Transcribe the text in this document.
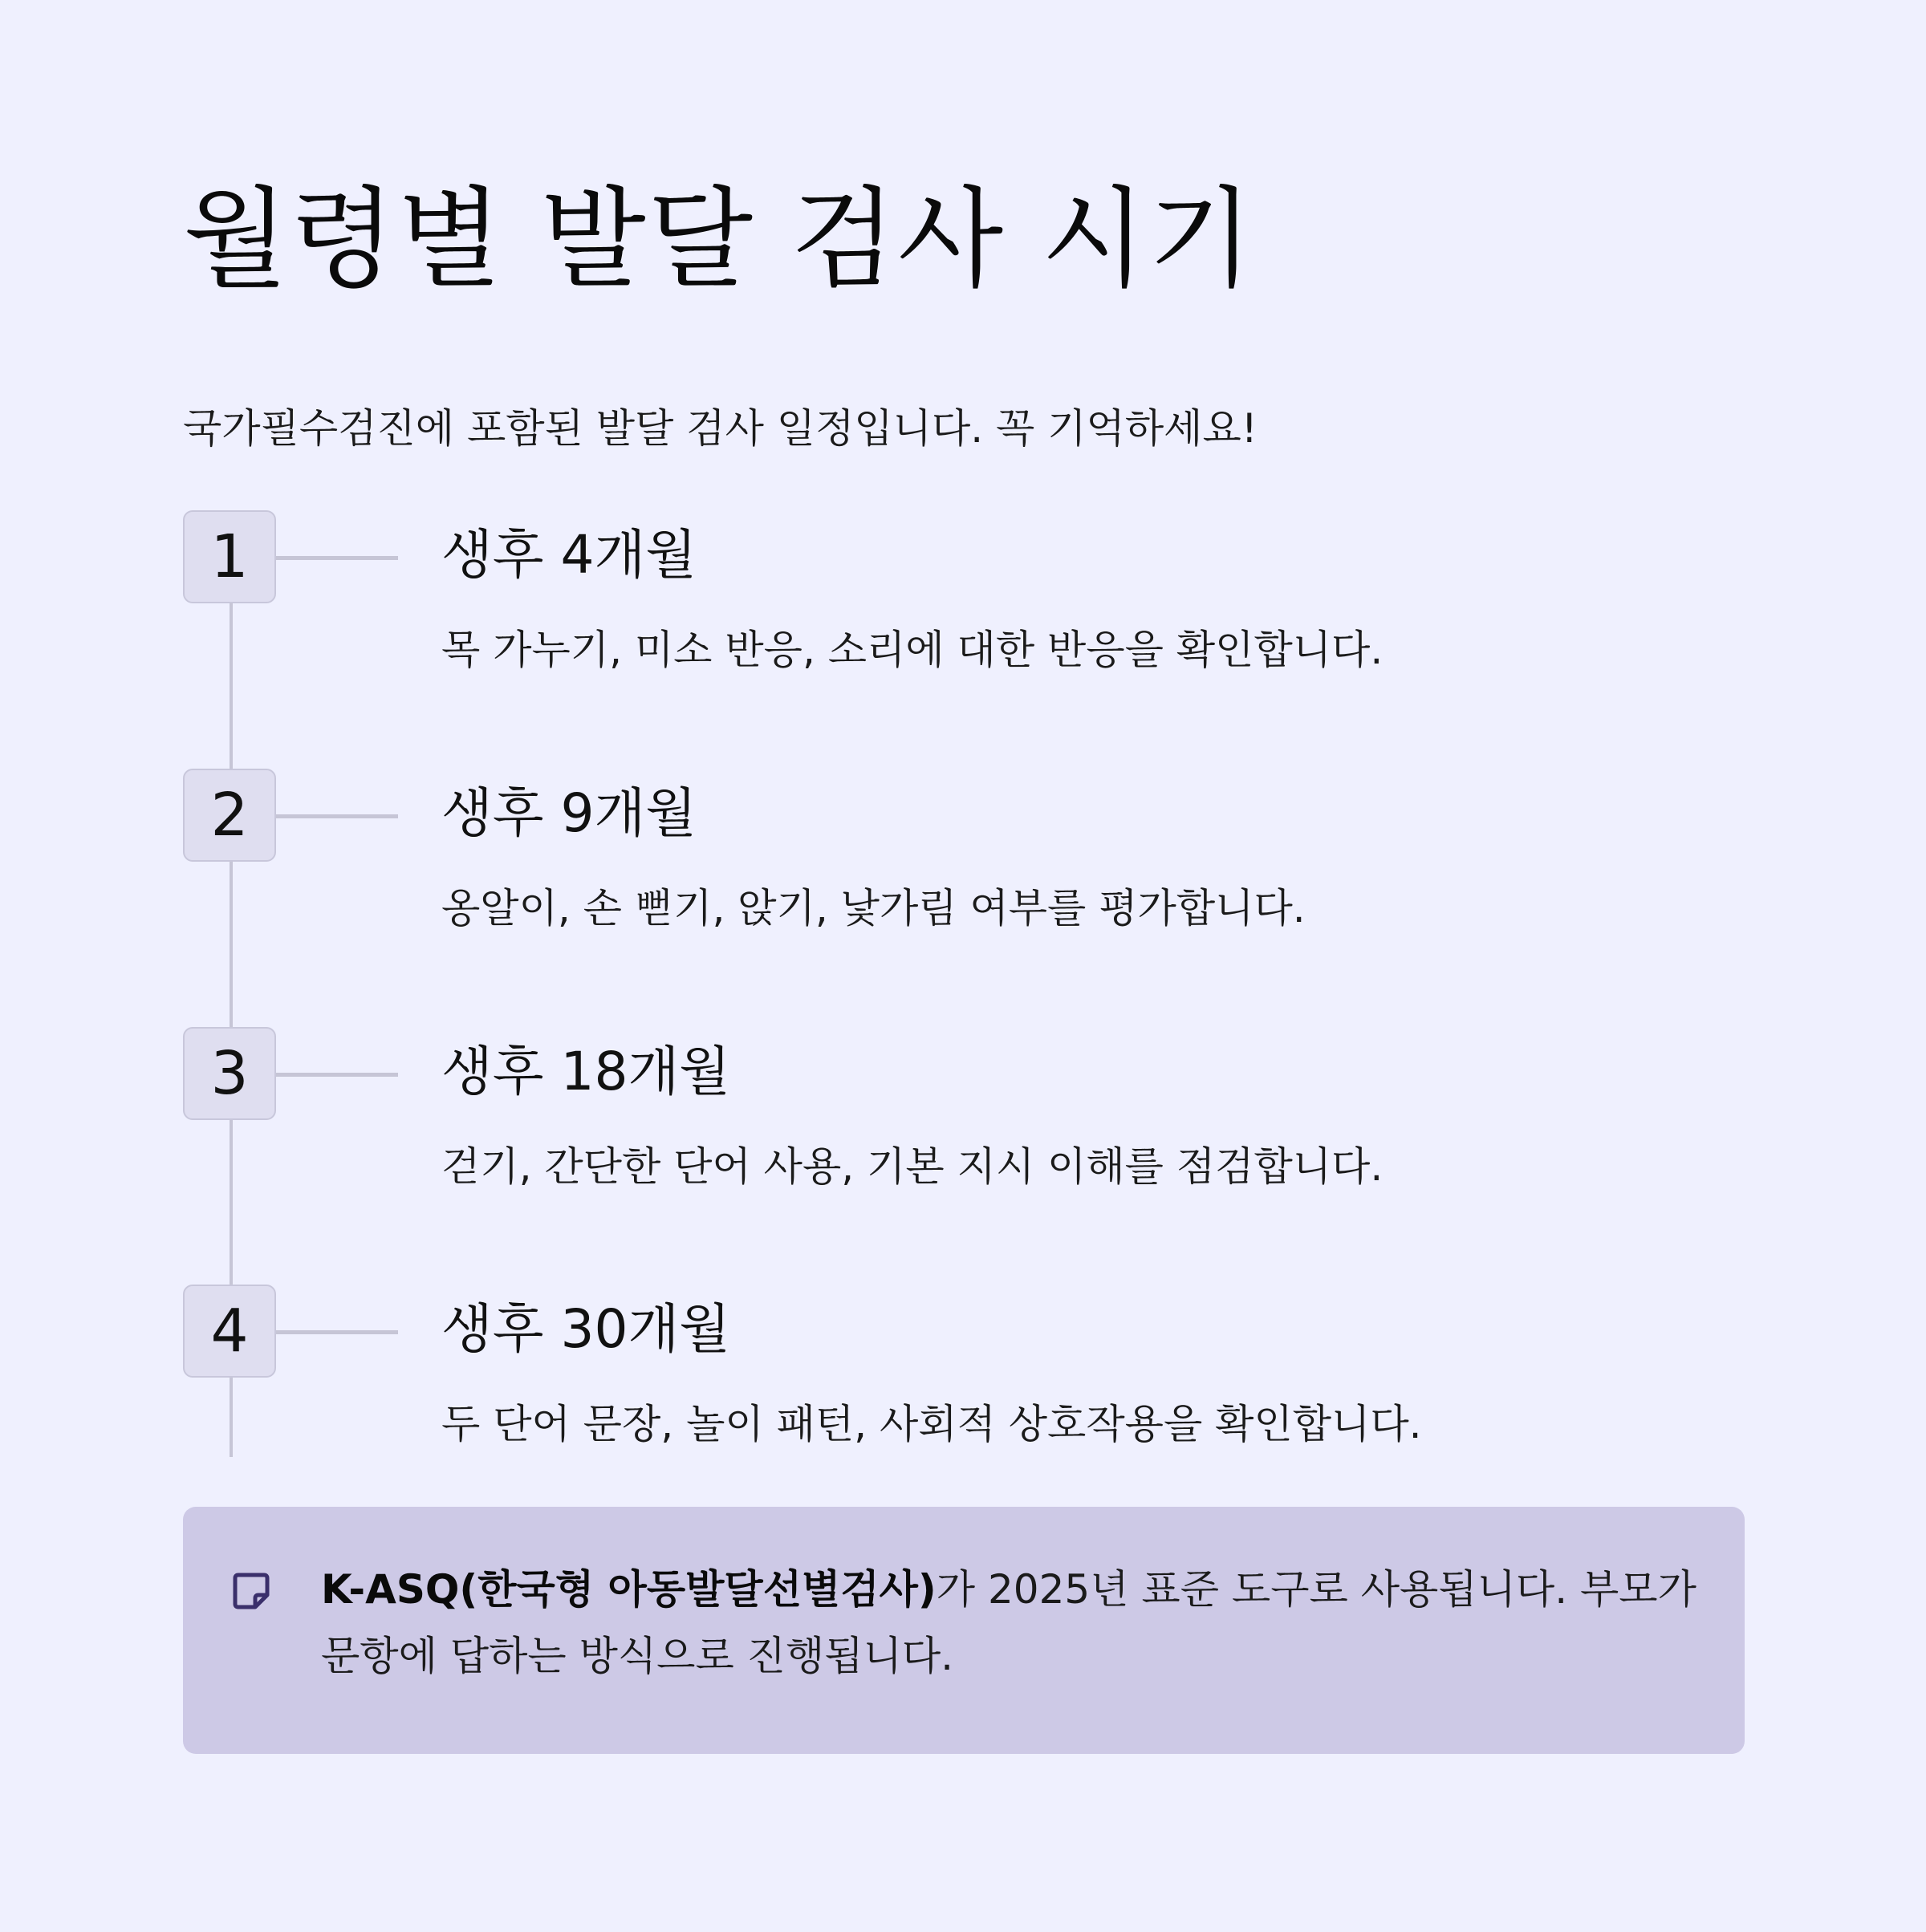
월령별 발달 검사 시기

국가필수검진에 포함된 발달 검사 일정입니다. 꼭 기억하세요!

1	생후 4개월
목 가누기, 미소 반응, 소리에 대한 반응을 확인합니다.
2	생후 9개월
옹알이, 손 뻗기, 앉기, 낯가림 여부를 평가합니다.
3	생후 18개월
걷기, 간단한 단어 사용, 기본 지시 이해를 점검합니다.
4	생후 30개월
두 단어 문장, 놀이 패턴, 사회적 상호작용을 확인합니다.
K-ASQ(한국형 아동발달선별검사)가 2025년 표준 도구로 사용됩니다. 부모가 문항에 답하는 방식으로 진행됩니다.
